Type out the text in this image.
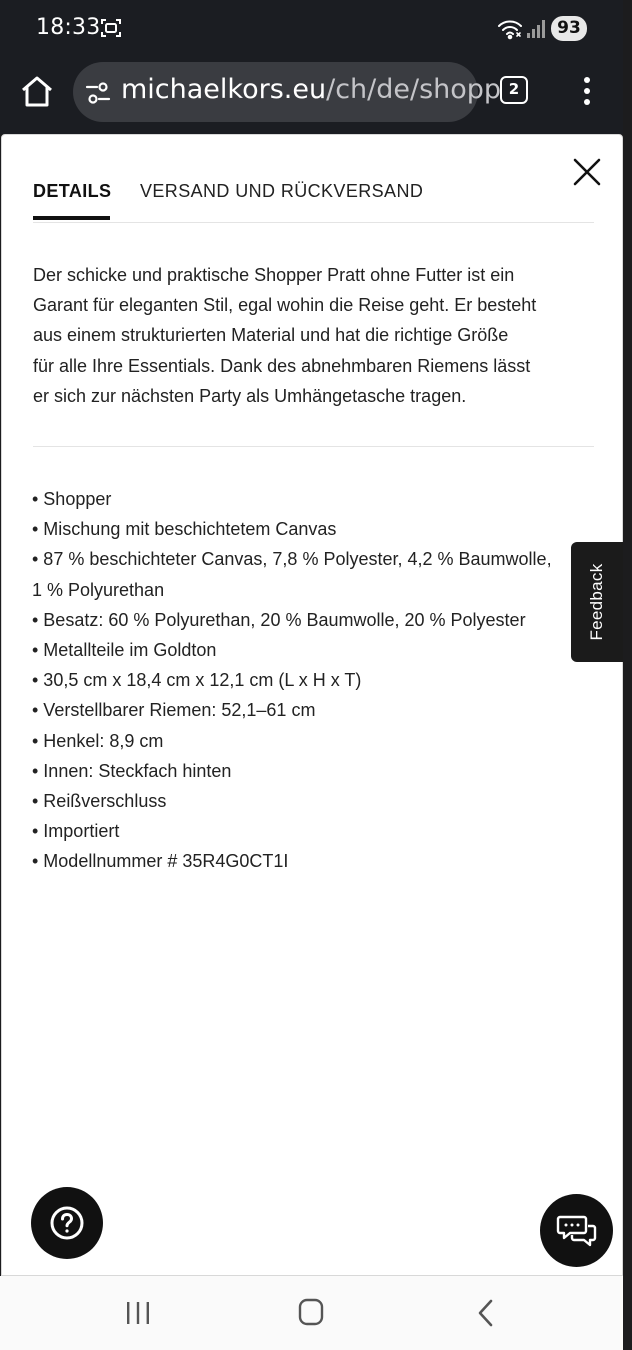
18:33	93
michaelkors.eu/ch/de/shopp 2
DETAILS VERSAND UND RÜCKVERSAND
Der schicke und praktische Shopper Pratt ohne Futter ist ein
Garant für eleganten Stil, egal wohin die Reise geht. Er besteht
aus einem strukturierten Material und hat die richtige Größe
für alle Ihre Essentials. Dank des abnehmbaren Riemens lässt
er sich zur nächsten Party als Umhängetasche tragen.
• Shopper
• Mischung mit beschichtetem Canvas
• 87 % beschichteter Canvas, 7,8 % Polyester, 4,2 % Baumwolle,
1 % Polyurethan
• Besatz: 60 % Polyurethan, 20 % Baumwolle, 20 % Polyester
• Metallteile im Goldton
• 30,5 cm x 18,4 cm x 12,1 cm (L x H x T)
• Verstellbarer Riemen: 52,1–61 cm
• Henkel: 8,9 cm
• Innen: Steckfach hinten
• Reißverschluss
• Importiert
• Modellnummer # 35R4G0CT1I
Feedback
